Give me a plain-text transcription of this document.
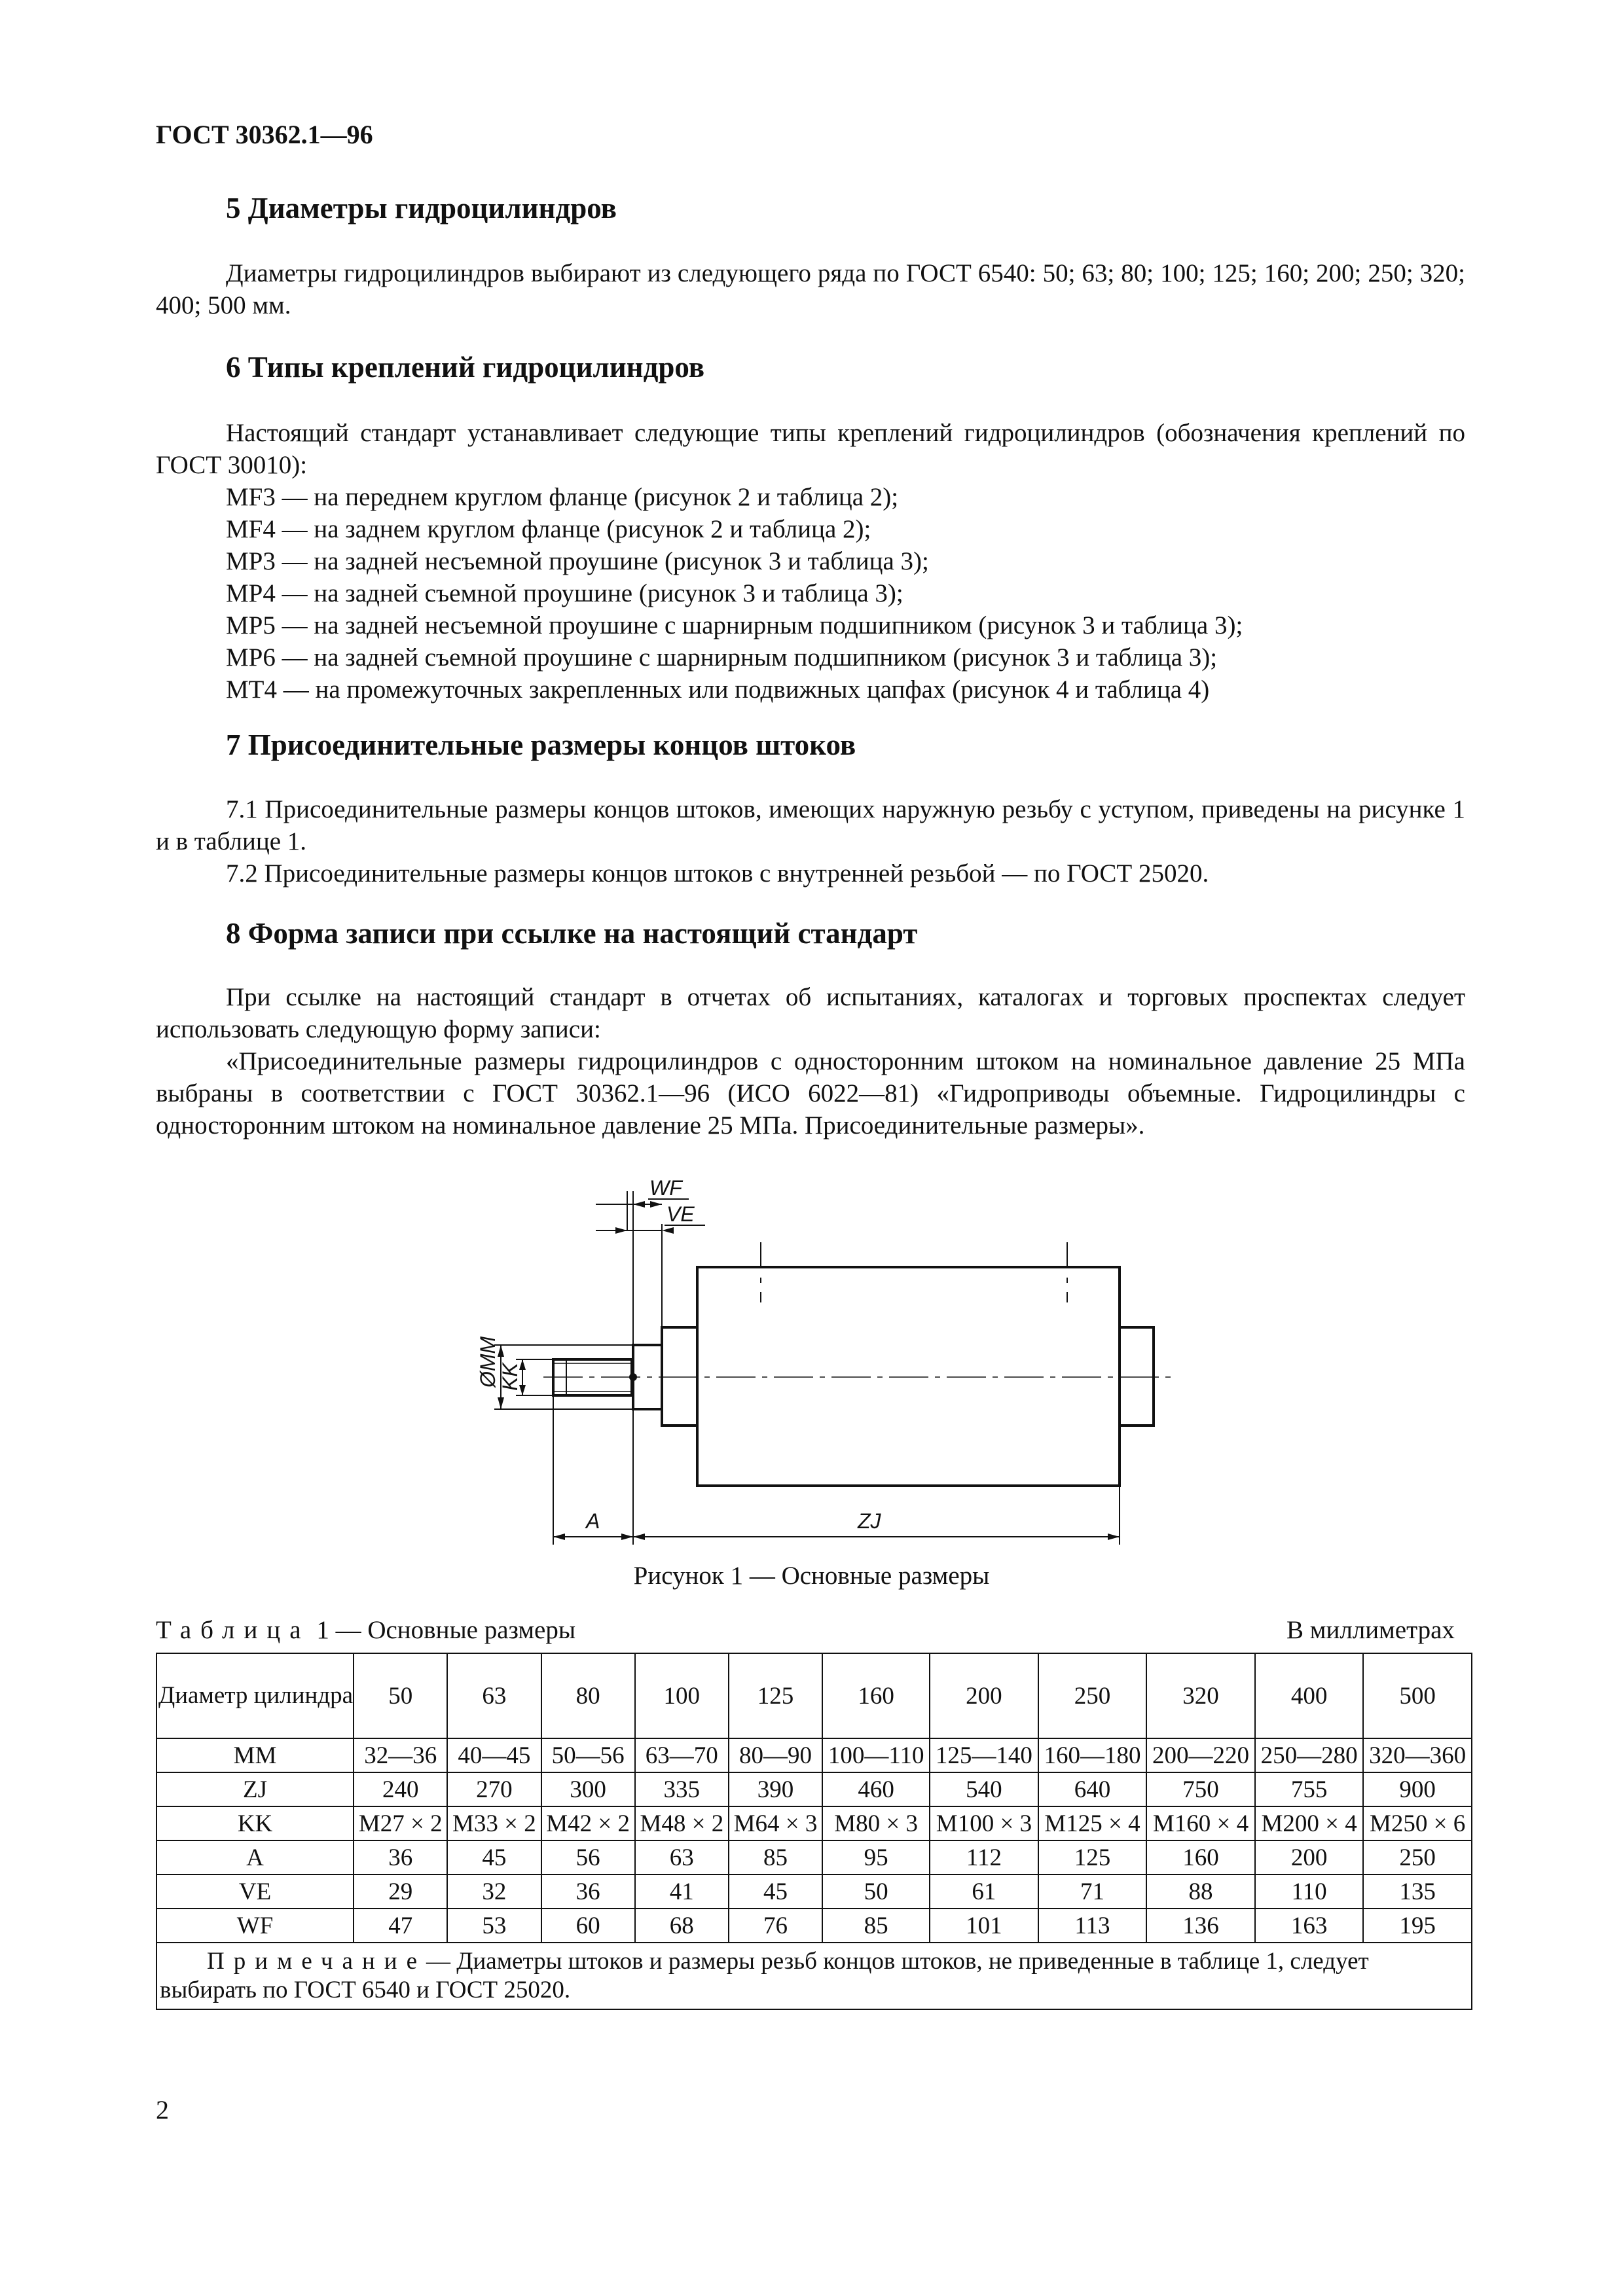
ГОСТ 30362.1—96
5 Диаметры гидроцилиндров

Диаметры гидроцилиндров выбирают из следующего ряда по ГОСТ 6540: 50; 63; 80; 100; 125; 160; 200; 250; 320; 400; 500 мм.

6 Типы креплений гидроцилиндров

Настоящий стандарт устанавливает следующие типы креплений гидроцилиндров (обозначения креплений по ГОСТ 30010):

MF3 — на переднем круглом фланце (рисунок 2 и таблица 2);
MF4 — на заднем круглом фланце (рисунок 2 и таблица 2);
MP3 — на задней несъемной проушине (рисунок 3 и таблица 3);
MP4 — на задней съемной проушине (рисунок 3 и таблица 3);
MP5 — на задней несъемной проушине с шарнирным подшипником (рисунок 3 и таблица 3);
MP6 — на задней съемной проушине с шарнирным подшипником (рисунок 3 и таблица 3);
MT4 — на промежуточных закрепленных или подвижных цапфах (рисунок 4 и таблица 4)
7 Присоединительные размеры концов штоков

7.1 Присоединительные размеры концов штоков, имеющих наружную резьбу с уступом, приведены на рисунке 1 и в таблице 1.

7.2 Присоединительные размеры концов штоков с внутренней резьбой — по ГОСТ 25020.

8 Форма записи при ссылке на настоящий стандарт

При ссылке на настоящий стандарт в отчетах об испытаниях, каталогах и торговых проспектах следует использовать следующую форму записи:

«Присоединительные размеры гидроцилиндров с односторонним штоком на номинальное давление 25 МПа выбраны в соответствии с ГОСТ 30362.1—96 (ИСО 6022—81) «Гидроприводы объемные. Гидроцилиндры с односторонним штоком на номинальное давление 25 МПа. Присоединительные размеры».

WF
VE
A	ZJ
ØMM
KK
Рисунок 1 — Основные размеры
Таблица 1 — Основные размеры	В миллиметрах
Диаметр цилиндра	50	63	80	100	125	160	200	250	320	400	500
MM	32—36	40—45	50—56	63—70	80—90	100—110	125—140	160—180	200—220	250—280	320—360
ZJ	240	270	300	335	390	460	540	640	750	755	900
KK	M27 × 2	M33 × 2	M42 × 2	M48 × 2	M64 × 3	M80 × 3	M100 × 3	M125 × 4	M160 × 4	M200 × 4	M250 × 6
A	36	45	56	63	85	95	112	125	160	200	250
VE	29	32	36	41	45	50	61	71	88	110	135
WF	47	53	60	68	76	85	101	113	136	163	195
Примечание— Диаметры штоков и размеры резьб концов штоков, не приведенные в таблице 1, следует выбирать по ГОСТ 6540 и ГОСТ 25020.											
2
